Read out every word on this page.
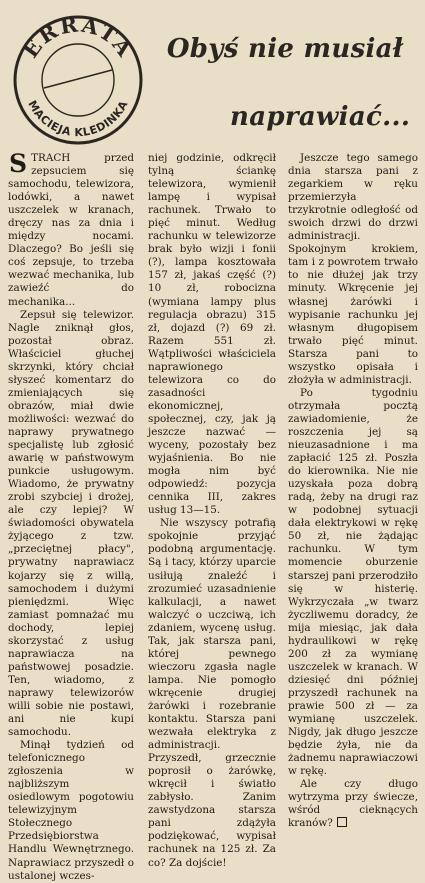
ERRATA
MACIEJA KLEDINKA
Obyś nie musiał
naprawiać...

STRACH przed zepsuciem się samochodu, telewizora, lodówki, a nawet uszczelek w kranach, dręczy nas za dnia i między nocami. Dlaczego? Bo jeśli się coś zepsuje, to trzeba wezwać mechanika, lub zawieźć do mechanika...

Zepsuł się telewizor. Nagle zniknął głos, pozostał obraz. Właściciel głuchej skrzynki, który chciał słyszeć komentarz do zmieniających się obrazów, miał dwie możliwości: wezwać do naprawy prywatnego specjalistę lub zgłosić awarię w państwowym punkcie usługowym. Wiadomo, że prywatny zrobi szybciej i drożej, ale czy lepiej? W świadomości obywatela żyjącego z tzw. „przeciętnej płacy", prywatny naprawiacz kojarzy się z willą, samochodem i dużymi pieniędzmi. Więc zamiast pomnażać mu dochody, lepiej skorzystać z usług naprawiacza na państwowej posadzie. Ten, wiadomo, z naprawy telewizorów willi sobie nie postawi, ani nie kupi samochodu.

Minął tydzień od telefonicznego zgłoszenia w najbliższym osiedlowym pogotowiu telewizyjnym Stołecznego Przedsiębiorstwa Handlu Wewnętrznego. Naprawiacz przyszedł o ustalonej wczes-

niej godzinie, odkręcił tylną ściankę telewizora, wymienił lampę i wypisał rachunek. Trwało to pięć minut. Według rachunku w telewizorze brak było wizji i fonii (?), lampa kosztowała 157 zł, jakaś część (?) 10 zł, robocizna (wymiana lampy plus regulacja obrazu) 315 zł, dojazd (?) 69 zł. Razem 551 zł. Wątpliwości właściciela naprawionego telewizora co do zasadności ekonomicznej, społecznej, czy, jak ją jeszcze nazwać — wyceny, pozostały bez wyjaśnienia. Bo nie mogła nim być odpowiedź: pozycja cennika III, zakres usług 13—15.

Nie wszyscy potrafią spokojnie przyjąć podobną argumentację. Są i tacy, którzy uparcie usiłują znaleźć i zrozumieć uzasadnienie kalkulacji, a nawet walczyć o uczciwą, ich zdaniem, wycenę usług. Tak, jak starsza pani, której pewnego wieczoru zgasła nagle lampa. Nie pomogło wkręcenie drugiej żarówki i rozebranie kontaktu. Starsza pani wezwała elektryka z administracji. Przyszedł, grzecznie poprosił o żarówkę, wkręcił i światło zabłysło. Zanim zawstydzona starsza pani zdążyła podziękować, wypisał rachunek na 125 zł. Za co? Za dojście!

Jeszcze tego samego dnia starsza pani z zegarkiem w ręku przemierzyła trzykrotnie odległość od swoich drzwi do drzwi administracji. Spokojnym krokiem, tam i z powrotem trwało to nie dłużej jak trzy minuty. Wkręcenie jej własnej żarówki i wypisanie rachunku jej własnym długopisem trwało pięć minut. Starsza pani to wszystko opisała i złożyła w administracji.

Po tygodniu otrzymała pocztą zawiadomienie, że roszczenia jej są nieuzasadnione i ma zapłacić 125 zł. Poszła do kierownika. Nie nie uzyskała poza dobrą radą, żeby na drugi raz w podobnej sytuacji dała elektrykowi w rękę 50 zł, nie żądając rachunku. W tym momencie oburzenie starszej pani przerodziło się w histerię. Wykrzyczała „w twarz życzliwemu doradcy, że mija miesiąc, jak dała hydraulikowi w rękę 200 zł za wymianę uszczelek w kranach. W dziesięć dni później przyszedł rachunek na prawie 500 zł — za wymianę uszczelek. Nigdy, jak długo jeszcze będzie żyła, nie da żadnemu naprawiaczowi w rękę.

Ale czy długo wytrzyma przy świecze, wśród cieknących kranów?
